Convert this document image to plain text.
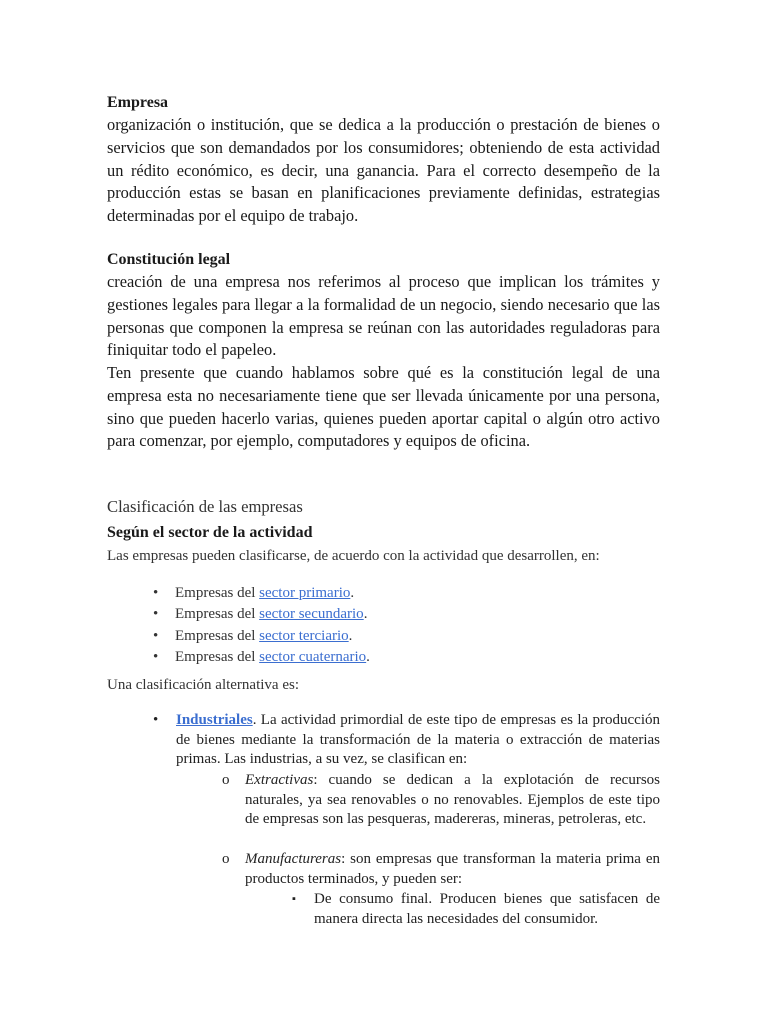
Empresa

organización o institución, que se dedica a la producción o prestación de bienes o servicios que son demandados por los consumidores; obteniendo de esta actividad un rédito económico, es decir, una ganancia. Para el correcto desempeño de la producción estas se basan en planificaciones previamente definidas, estrategias determinadas por el equipo de trabajo.

Constitución legal

creación de una empresa nos referimos al proceso que implican los trámites y gestiones legales para llegar a la formalidad de un negocio, siendo necesario que las personas que componen la empresa se reúnan con las autoridades reguladoras para finiquitar todo el papeleo.

Ten presente que cuando hablamos sobre qué es la constitución legal de una empresa esta no necesariamente tiene que ser llevada únicamente por una persona, sino que pueden hacerlo varias, quienes pueden aportar capital o algún otro activo para comenzar, por ejemplo, computadores y equipos de oficina.

Clasificación de las empresas
Según el sector de la actividad
Las empresas pueden clasificarse, de acuerdo con la actividad que desarrollen, en:
• Empresas del sector primario.
• Empresas del sector secundario.
• Empresas del sector terciario.
• Empresas del sector cuaternario.
Una clasificación alternativa es:
• Industriales. La actividad primordial de este tipo de empresas es la producción de bienes mediante la transformación de la materia o extracción de materias primas. Las industrias, a su vez, se clasifican en:

o Extractivas: cuando se dedican a la explotación de recursos naturales, ya sea renovables o no renovables. Ejemplos de este tipo de empresas son las pesqueras, madereras, mineras, petroleras, etc.

o Manufactureras: son empresas que transforman la materia prima en productos terminados, y pueden ser:

▪ De consumo final. Producen bienes que satisfacen de manera directa las necesidades del consumidor.
